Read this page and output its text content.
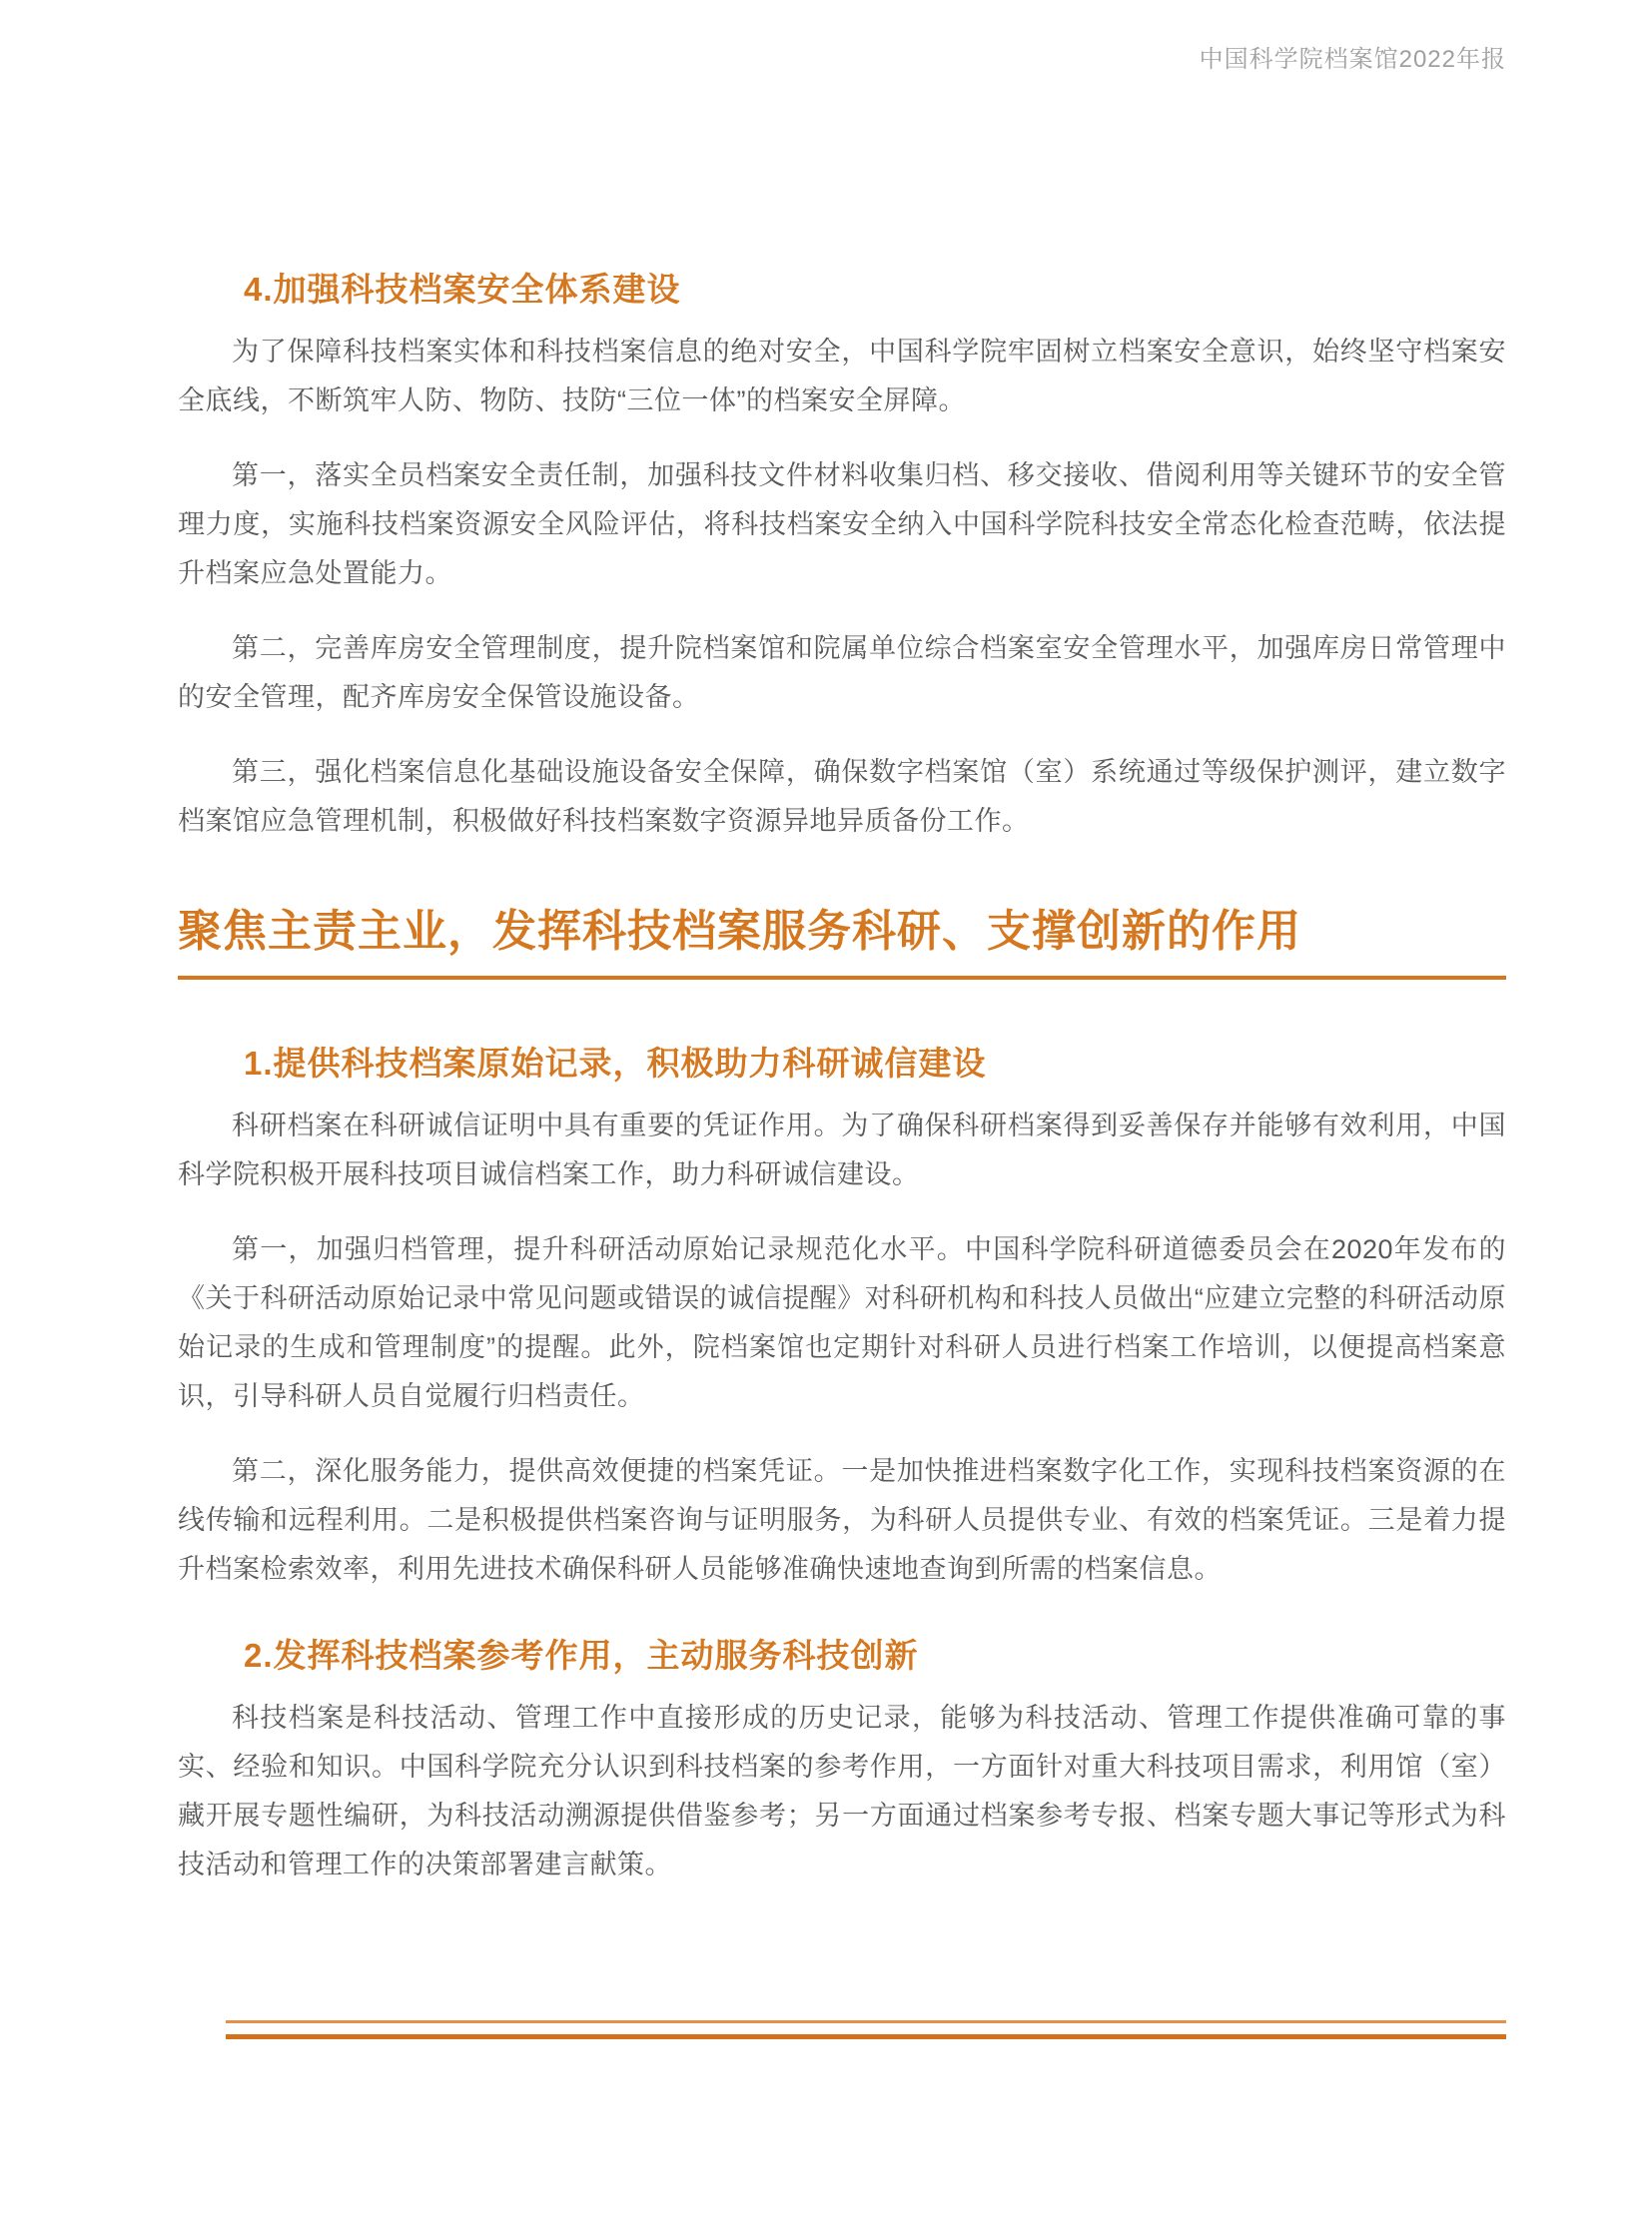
中国科学院档案馆2022年报
4.加强科技档案安全体系建设

为了保障科技档案实体和科技档案信息的绝对安全，中国科学院牢固树立档案安全意识，始终坚守档案安全底线，不断筑牢人防、物防、技防“三位一体”的档案安全屏障。

第一，落实全员档案安全责任制，加强科技文件材料收集归档、移交接收、借阅利用等关键环节的安全管理力度，实施科技档案资源安全风险评估，将科技档案安全纳入中国科学院科技安全常态化检查范畴，依法提升档案应急处置能力。

第二，完善库房安全管理制度，提升院档案馆和院属单位综合档案室安全管理水平，加强库房日常管理中的安全管理，配齐库房安全保管设施设备。

第三，强化档案信息化基础设施设备安全保障，确保数字档案馆（室）系统通过等级保护测评，建立数字档案馆应急管理机制，积极做好科技档案数字资源异地异质备份工作。

聚焦主责主业，发挥科技档案服务科研、支撑创新的作用
1.提供科技档案原始记录，积极助力科研诚信建设

科研档案在科研诚信证明中具有重要的凭证作用。为了确保科研档案得到妥善保存并能够有效利用，中国科学院积极开展科技项目诚信档案工作，助力科研诚信建设。

第一，加强归档管理，提升科研活动原始记录规范化水平。中国科学院科研道德委员会在2020年发布的《关于科研活动原始记录中常见问题或错误的诚信提醒》对科研机构和科技人员做出“应建立完整的科研活动原始记录的生成和管理制度”的提醒。此外，院档案馆也定期针对科研人员进行档案工作培训，以便提高档案意识，引导科研人员自觉履行归档责任。

第二，深化服务能力，提供高效便捷的档案凭证。一是加快推进档案数字化工作，实现科技档案资源的在线传输和远程利用。二是积极提供档案咨询与证明服务，为科研人员提供专业、有效的档案凭证。三是着力提升档案检索效率，利用先进技术确保科研人员能够准确快速地查询到所需的档案信息。

2.发挥科技档案参考作用，主动服务科技创新

科技档案是科技活动、管理工作中直接形成的历史记录，能够为科技活动、管理工作提供准确可靠的事实、经验和知识。中国科学院充分认识到科技档案的参考作用，一方面针对重大科技项目需求，利用馆（室）藏开展专题性编研，为科技活动溯源提供借鉴参考；另一方面通过档案参考专报、档案专题大事记等形式为科技活动和管理工作的决策部署建言献策。
